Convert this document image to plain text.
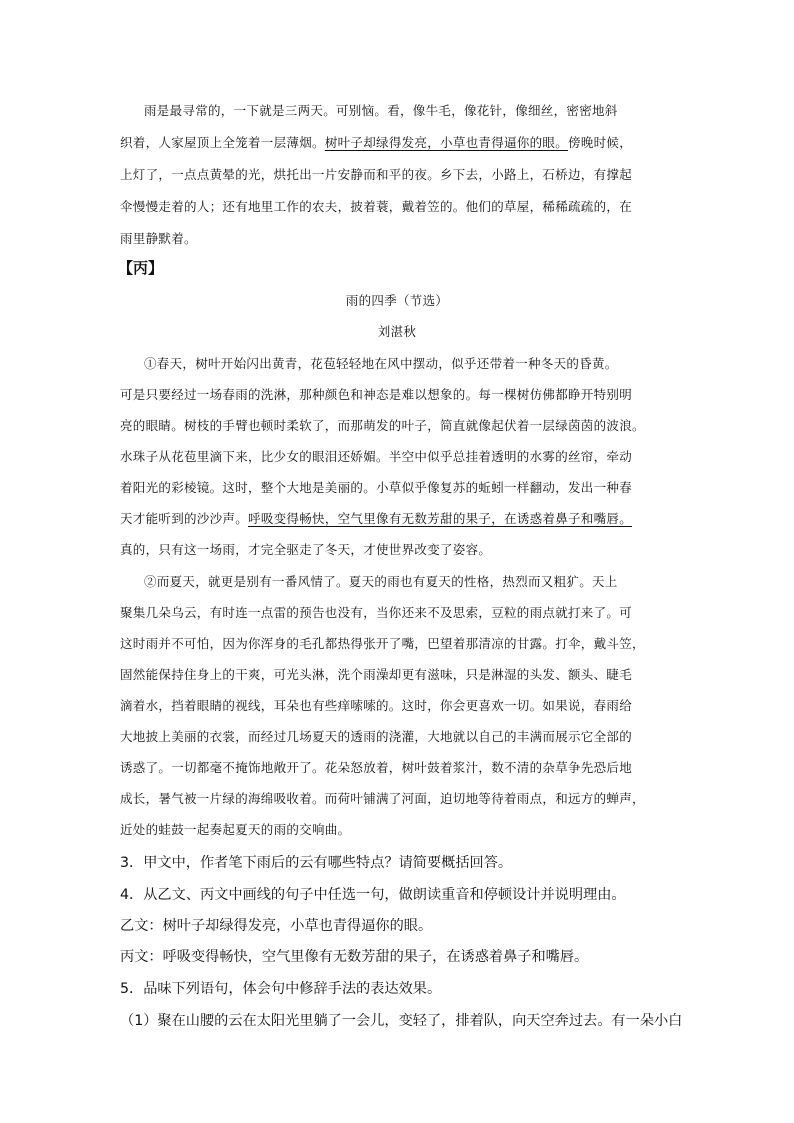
雨是最寻常的，一下就是三两天。可别恼。看，像牛毛，像花针，像细丝，密密地斜
织着，人家屋顶上全笼着一层薄烟。树叶子却绿得发亮，小草也青得逼你的眼。傍晚时候，
上灯了，一点点黄晕的光，烘托出一片安静而和平的夜。乡下去，小路上，石桥边，有撑起
伞慢慢走着的人；还有地里工作的农夫，披着蓑，戴着笠的。他们的草屋，稀稀疏疏的，在
雨里静默着。
【丙】
雨的四季（节选）
刘湛秋
①春天，树叶开始闪出黄青，花苞轻轻地在风中摆动，似乎还带着一种冬天的昏黄。
可是只要经过一场春雨的洗淋，那种颜色和神态是难以想象的。每一棵树仿佛都睁开特别明
亮的眼睛。树枝的手臂也顿时柔软了，而那萌发的叶子，简直就像起伏着一层绿茵茵的波浪。
水珠子从花苞里滴下来，比少女的眼泪还娇媚。半空中似乎总挂着透明的水雾的丝帘，牵动
着阳光的彩棱镜。这时，整个大地是美丽的。小草似乎像复苏的蚯蚓一样翻动，发出一种春
天才能听到的沙沙声。呼吸变得畅快，空气里像有无数芳甜的果子，在诱惑着鼻子和嘴唇。
真的，只有这一场雨，才完全驱走了冬天，才使世界改变了姿容。
②而夏天，就更是别有一番风情了。夏天的雨也有夏天的性格，热烈而又粗犷。天上
聚集几朵乌云，有时连一点雷的预告也没有，当你还来不及思索，豆粒的雨点就打来了。可
这时雨并不可怕，因为你浑身的毛孔都热得张开了嘴，巴望着那清凉的甘露。打伞，戴斗笠，
固然能保持住身上的干爽，可光头淋，洗个雨澡却更有滋味，只是淋湿的头发、额头、睫毛
滴着水，挡着眼睛的视线，耳朵也有些痒嗦嗦的。这时，你会更喜欢一切。如果说，春雨给
大地披上美丽的衣裳，而经过几场夏天的透雨的浇灌，大地就以自己的丰满而展示它全部的
诱惑了。一切都毫不掩饰地敞开了。花朵怒放着，树叶鼓着浆汁，数不清的杂草争先恐后地
成长，暑气被一片绿的海绵吸收着。而荷叶铺满了河面，迫切地等待着雨点，和远方的蝉声，
近处的蛙鼓一起奏起夏天的雨的交响曲。
3．甲文中，作者笔下雨后的云有哪些特点？请简要概括回答。
4．从乙文、丙文中画线的句子中任选一句，做朗读重音和停顿设计并说明理由。
乙文：树叶子却绿得发亮，小草也青得逼你的眼。
丙文：呼吸变得畅快，空气里像有无数芳甜的果子，在诱惑着鼻子和嘴唇。
5．品味下列语句，体会句中修辞手法的表达效果。
（1）聚在山腰的云在太阳光里躺了一会儿，变轻了，排着队，向天空奔过去。有一朵小白
